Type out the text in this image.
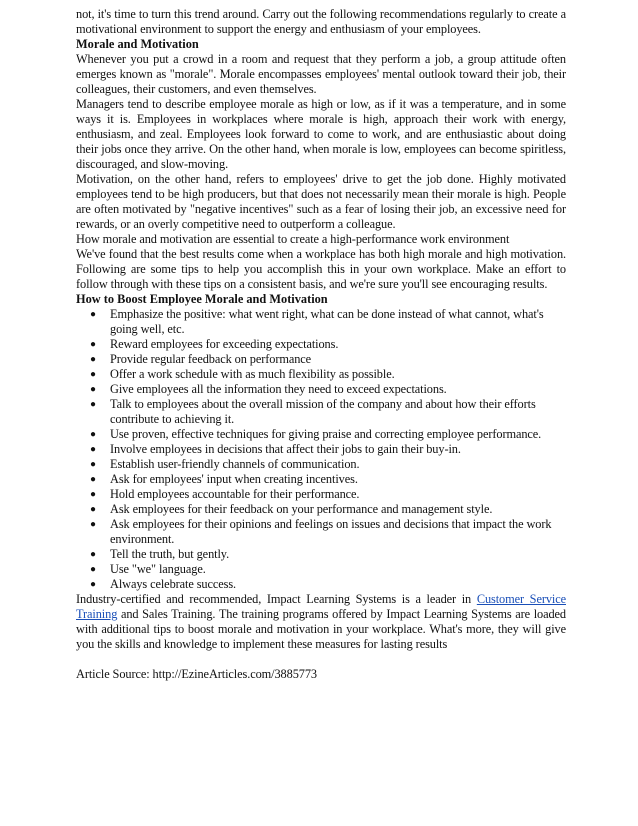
not, it's time to turn this trend around. Carry out the following recommendations regularly to create a motivational environment to support the energy and enthusiasm of your employees.

Morale and Motivation

Whenever you put a crowd in a room and request that they perform a job, a group attitude often emerges known as "morale". Morale encompasses employees' mental outlook toward their job, their colleagues, their customers, and even themselves.

Managers tend to describe employee morale as high or low, as if it was a temperature, and in some ways it is. Employees in workplaces where morale is high, approach their work with energy, enthusiasm, and zeal. Employees look forward to come to work, and are enthusiastic about doing their jobs once they arrive. On the other hand, when morale is low, employees can become spiritless, discouraged, and slow-moving.

Motivation, on the other hand, refers to employees' drive to get the job done. Highly motivated employees tend to be high producers, but that does not necessarily mean their morale is high. People are often motivated by "negative incentives" such as a fear of losing their job, an excessive need for rewards, or an overly competitive need to outperform a colleague.

How morale and motivation are essential to create a high-performance work environment

We've found that the best results come when a workplace has both high morale and high motivation. Following are some tips to help you accomplish this in your own workplace. Make an effort to follow through with these tips on a consistent basis, and we're sure you'll see encouraging results.

How to Boost Employee Morale and Motivation

● Emphasize the positive: what went right, what can be done instead of what cannot, what's going well, etc.
● Reward employees for exceeding expectations.
● Provide regular feedback on performance
● Offer a work schedule with as much flexibility as possible.
● Give employees all the information they need to exceed expectations.
● Talk to employees about the overall mission of the company and about how their efforts contribute to achieving it.
● Use proven, effective techniques for giving praise and correcting employee performance.
● Involve employees in decisions that affect their jobs to gain their buy-in.
● Establish user-friendly channels of communication.
● Ask for employees' input when creating incentives.
● Hold employees accountable for their performance.
● Ask employees for their feedback on your performance and management style.
● Ask employees for their opinions and feelings on issues and decisions that impact the work environment.
● Tell the truth, but gently.
● Use "we" language.
● Always celebrate success.

Industry-certified and recommended, Impact Learning Systems is a leader in Customer Service Training and Sales Training. The training programs offered by Impact Learning Systems are loaded with additional tips to boost morale and motivation in your workplace. What's more, they will give you the skills and knowledge to implement these measures for lasting results

Article Source: http://EzineArticles.com/3885773
